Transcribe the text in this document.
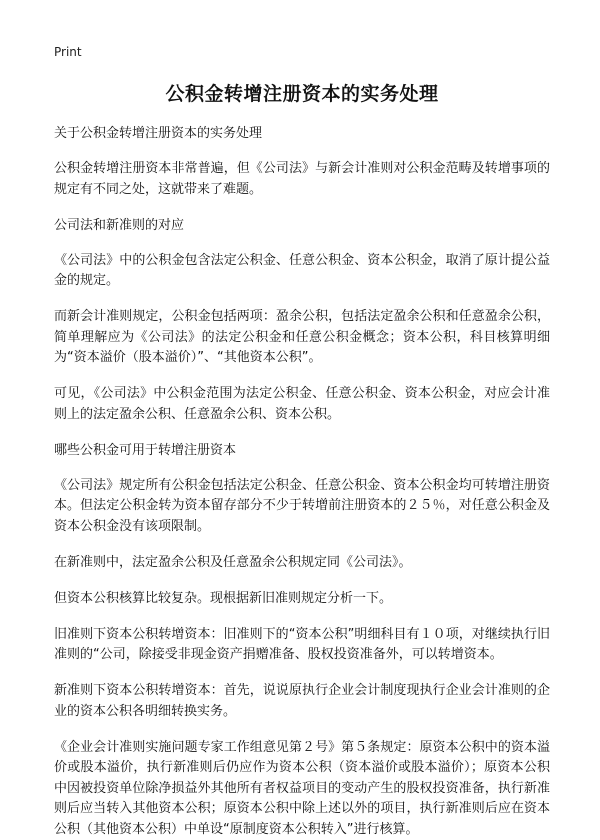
Print
公积金转增注册资本的实务处理
关于公积金转增注册资本的实务处理
公积金转增注册资本非常普遍，但《公司法》与新会计准则对公积金范畴及转增事项的规定有不同之处，这就带来了难题。
公司法和新准则的对应
《公司法》中的公积金包含法定公积金、任意公积金、资本公积金，取消了原计提公益金的规定。
而新会计准则规定，公积金包括两项：盈余公积，包括法定盈余公积和任意盈余公积，简单理解应为《公司法》的法定公积金和任意公积金概念；资本公积，科目核算明细为“资本溢价（股本溢价）”、“其他资本公积”。
可见，《公司法》中公积金范围为法定公积金、任意公积金、资本公积金，对应会计准则上的法定盈余公积、任意盈余公积、资本公积。
哪些公积金可用于转增注册资本
《公司法》规定所有公积金包括法定公积金、任意公积金、资本公积金均可转增注册资本。但法定公积金转为资本留存部分不少于转增前注册资本的２５％，对任意公积金及资本公积金没有该项限制。
在新准则中，法定盈余公积及任意盈余公积规定同《公司法》。
但资本公积核算比较复杂。现根据新旧准则规定分析一下。
旧准则下资本公积转增资本：旧准则下的“资本公积”明细科目有１０项，对继续执行旧准则的“公司，除接受非现金资产捐赠准备、股权投资准备外，可以转增资本。
新准则下资本公积转增资本：首先，说说原执行企业会计制度现执行企业会计准则的企业的资本公积各明细转换实务。
《企业会计准则实施问题专家工作组意见第２号》第５条规定：原资本公积中的资本溢价或股本溢价，执行新准则后仍应作为资本公积（资本溢价或股本溢价）；原资本公积中因被投资单位除净损益外其他所有者权益项目的变动产生的股权投资准备，执行新准则后应当转入其他资本公积；原资本公积中除上述以外的项目，执行新准则后应在资本公积（其他资本公积）中单设“原制度资本公积转入”进行核算。
